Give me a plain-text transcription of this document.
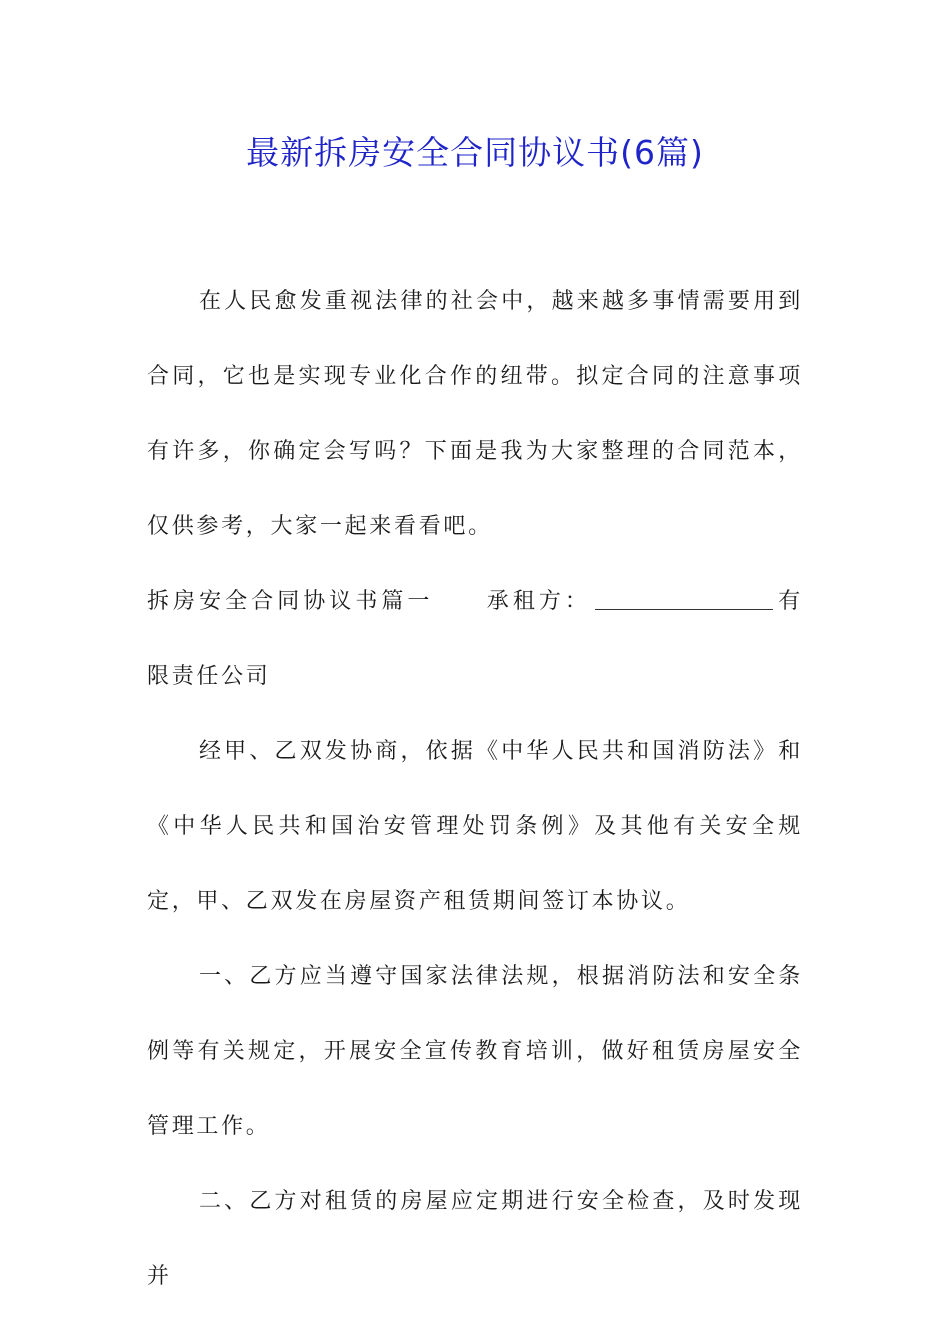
最新拆房安全合同协议书(6篇)

在人民愈发重视法律的社会中，越来越多事情需要用到合同，它也是实现专业化合作的纽带。拟定合同的注意事项有许多，你确定会写吗？下面是我为大家整理的合同范本，仅供参考，大家一起来看看吧。

拆房安全合同协议书篇一 承租方：	有限责任公司

经甲、乙双发协商，依据《中华人民共和国消防法》和《中华人民共和国治安管理处罚条例》及其他有关安全规定，甲、乙双发在房屋资产租赁期间签订本协议。

一、乙方应当遵守国家法律法规，根据消防法和安全条例等有关规定，开展安全宣传教育培训，做好租赁房屋安全管理工作。

二、乙方对租赁的房屋应定期进行安全检查，及时发现并
